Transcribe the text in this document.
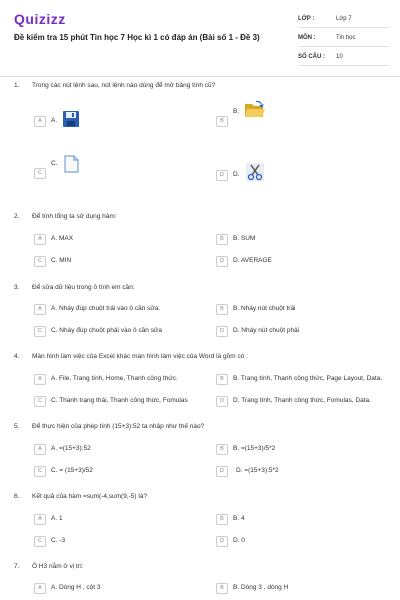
Quizizz
Đề kiểm tra 15 phút Tin học 7 Học kì 1 có đáp án (Bài số 1 - Đề 3)
LỚP :	Lớp 7
MÔN :	Tin học
SỐ CÂU :	10
1.	Trong các nút lệnh sau, nút lệnh nào dùng để mở bảng tính cũ?
A	A.	B
B.
C
C.
D	D.
2.	Để tính tổng ta sử dụng hàm:
A	A. MAX	B	B. SUM
C	C. MIN	D	D. AVERAGE
3.	Để sửa dữ liệu trong ô tính em cần:
A	A. Nháy đúp chuột trái vào ô cần sửa.	B	B. Nháy nút chuột trái
C	C. Nháy đúp chuột phải vào ô cần sửa	D	D. Nháy nút chuột phải
4.	Màn hình làm việc của Excel khác màn hình làm việc của Word là gồm có :
A	A. File, Trang tính, Home, Thanh công thức.	B	B. Trang tính, Thanh công thức, Page Layout, Data.
C	C. Thanh trạng thái, Thanh công thức, Fomulas	D	D. Trang tính, Thanh công thức, Fomulas, Data.
5.	Để thực hiện của phép tính (15+3):52 ta nhập như thế nào?
A	A. =(15+3):52	B	B. =(15+3)/5*2
C	C. = (15+3)/52	D	D. =(15+3):5*2
6.	Kết quả của hàm =sum(-4,sum(9,-5) là?
A	A. 1	B	B. 4
C	C. -3	D	D. 0
7.	Ô H3 nằm ở vị trí:
A	A. Dòng H , cột 3	B	B. Dòng 3 , dòng H
